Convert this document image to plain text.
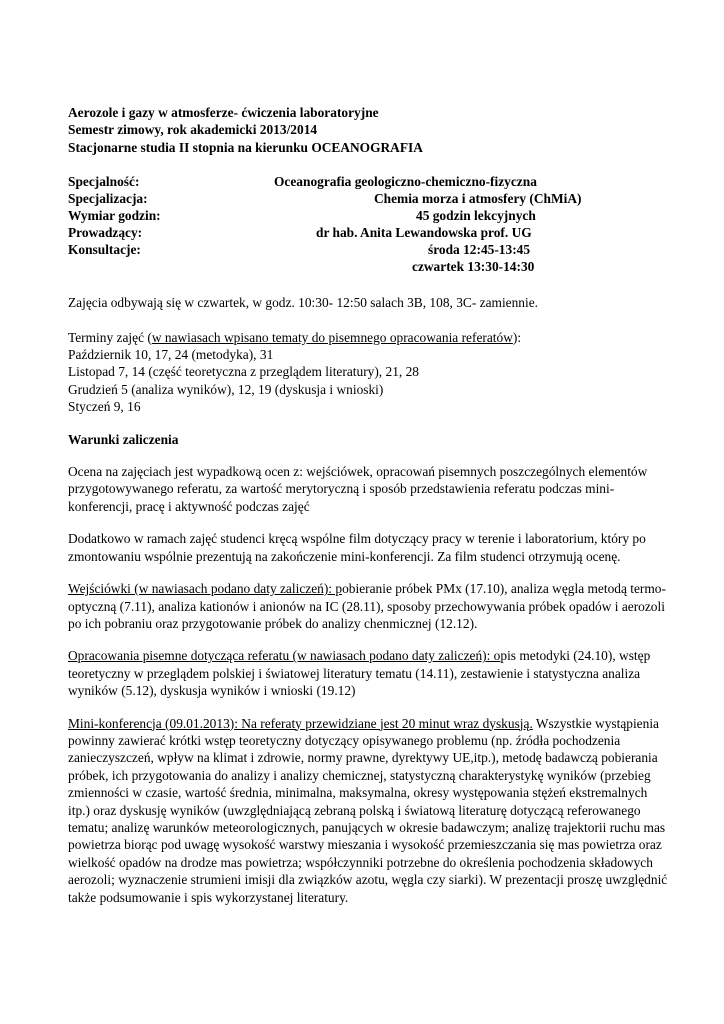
Aerozole i gazy w atmosferze- ćwiczenia laboratoryjne

Semestr zimowy, rok akademicki 2013/2014

Stacjonarne studia II stopnia na kierunku OCEANOGRAFIA

Specjalność:	Oceanografia geologiczno-chemiczno-fizyczna
Specjalizacja:	Chemia morza i atmosfery (ChMiA)
Wymiar godzin:	45 godzin lekcyjnych
Prowadzący:	dr hab. Anita Lewandowska prof. UG
Konsultacje:	środa 12:45-13:45
czwartek 13:30-14:30

Zajęcia odbywają się w czwartek, w godz. 10:30- 12:50 salach 3B, 108, 3C- zamiennie.

Terminy zajęć (w nawiasach wpisano tematy do pisemnego opracowania referatów):

Październik 10, 17, 24 (metodyka), 31

Listopad 7, 14 (część teoretyczna z przeglądem literatury), 21, 28

Grudzień 5 (analiza wyników), 12, 19 (dyskusja i wnioski)

Styczeń 9, 16

Warunki zaliczenia

Ocena na zajęciach jest wypadkową ocen z: wejściówek, opracowań pisemnych poszczególnych elementów przygotowywanego referatu, za wartość merytoryczną i sposób przedstawienia referatu podczas mini-konferencji, pracę i aktywność podczas zajęć

Dodatkowo w ramach zajęć studenci kręcą wspólne film dotyczący pracy w terenie i laboratorium, który po zmontowaniu wspólnie prezentują na zakończenie mini-konferencji. Za film studenci otrzymują ocenę.

Wejściówki (w nawiasach podano daty zaliczeń): pobieranie próbek PMx (17.10), analiza węgla metodą termo-optyczną (7.11), analiza kationów i anionów na IC (28.11), sposoby przechowywania próbek opadów i aerozoli po ich pobraniu oraz przygotowanie próbek do analizy chenmicznej (12.12).

Opracowania pisemne dotycząca referatu (w nawiasach podano daty zaliczeń): opis metodyki (24.10), wstęp teoretyczny w przeglądem polskiej i światowej literatury tematu (14.11), zestawienie i statystyczna analiza wyników (5.12), dyskusja wyników i wnioski (19.12)

Mini-konferencja (09.01.2013): Na referaty przewidziane jest 20 minut wraz dyskusją. Wszystkie wystąpienia powinny zawierać krótki wstęp teoretyczny dotyczący opisywanego problemu (np. źródła pochodzenia zanieczyszczeń, wpływ na klimat i zdrowie, normy prawne, dyrektywy UE,itp.), metodę badawczą pobierania próbek, ich przygotowania do analizy i analizy chemicznej, statystyczną charakterystykę wyników (przebieg zmienności w czasie, wartość średnia, minimalna, maksymalna, okresy występowania stężeń ekstremalnych itp.) oraz dyskusję wyników (uwzględniającą zebraną polską i światową literaturę dotyczącą referowanego tematu; analizę warunków meteorologicznych, panujących w okresie badawczym; analizę trajektorii ruchu mas powietrza biorąc pod uwagę wysokość warstwy mieszania i wysokość przemieszczania się mas powietrza oraz wielkość opadów na drodze mas powietrza; współczynniki potrzebne do określenia pochodzenia składowych aerozoli; wyznaczenie strumieni imisji dla związków azotu, węgla czy siarki). W prezentacji proszę uwzględnić także podsumowanie i spis wykorzystanej literatury.
